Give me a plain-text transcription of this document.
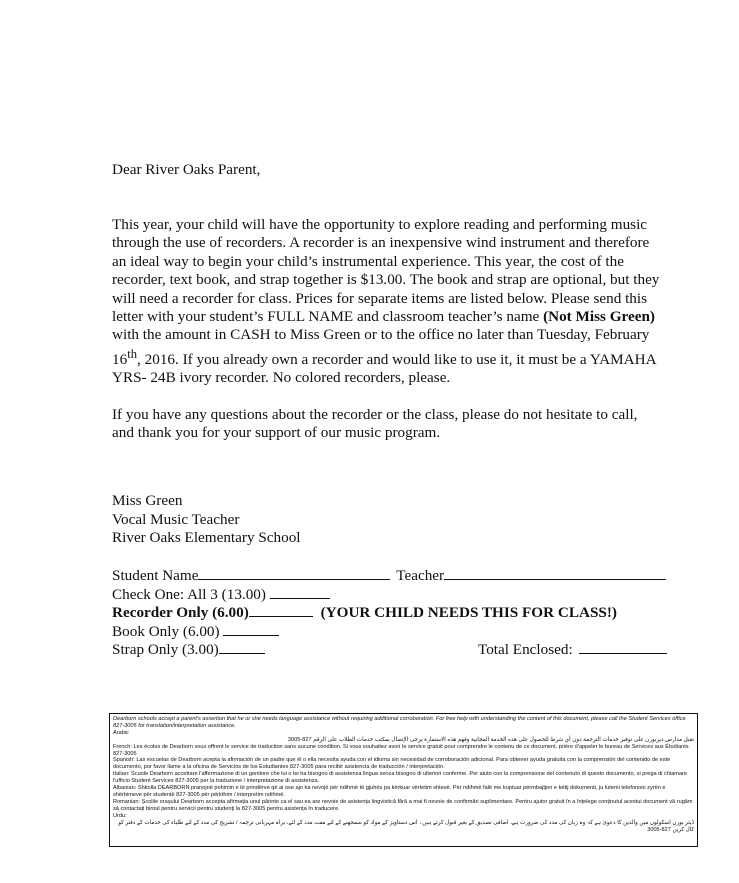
Dear River Oaks Parent,

This year, your child will have the opportunity to explore reading and performing music through the use of recorders. A recorder is an inexpensive wind instrument and therefore an ideal way to begin your child’s instrumental experience. This year, the cost of the recorder, text book, and strap together is $13.00. The book and strap are optional, but they will need a recorder for class. Prices for separate items are listed below. Please send this letter with your student’s FULL NAME and classroom teacher’s name (Not Miss Green) with the amount in CASH to Miss Green or to the office no later than Tuesday, February 16th, 2016. If you already own a recorder and would like to use it, it must be a YAMAHA YRS- 24B ivory recorder. No colored recorders, please.

If you have any questions about the recorder or the class, please do not hesitate to call, and thank you for your support of our music program.

Miss Green
Vocal Music Teacher
River Oaks Elementary School
Student Name	Teacher
Check One: All 3 (13.00)
Recorder Only (6.00)	(YOUR CHILD NEEDS THIS FOR CLASS!)
Book Only (6.00)
Strap Only (3.00)	Total Enclosed:
Dearborn schools accept a parent's assertion that he or she needs language assistance without requiring additional corroboration. For free help with understanding the content of this document, please call the Student Services office 827-3005 for translation/interpretation assistance.
Arabic
تقبل مدارس ديربورن على توفير خدمات الترجمة دون أي شرط للحصول على هذه الخدمة المجانية وفهم هذه الاستمارة يرجى الإتصال بمكتب خدمات الطلاب على الرقم 827-3005
French: Les écoles de Dearborn vous offrent le service de traduction sans aucune condition. Si vous souhaitez avoir le service gratuit pour comprendre le contenu de ce document, prière d'appeler le bureau de Services aux Étudiants 827-3005
Spanish: Las escuelas de Dearborn acepta la afirmación de un padre que él o ella necesita ayuda con el idioma sin necesidad de corroboración adicional. Para obtener ayuda gratuita con la comprensión del contenido de este documento, por favor llame a la oficina de Servicios de los Estudiantes 827-3005 para recibir asistencia de traducción / interpretación.
Italian: Scuole Dearborn accettare l'affermazione di un genitore che lui o lei ha bisogno di assistenza lingua senza bisogno di ulteriori conferme. Per aiuto con la comprensione del contenuto di questo documento, si prega di chiamare l'ufficio Student Services 827-3005 per la traduzione / interpretazione di assistenza.
Albanian: Shkolla DEARBORN pranojnë pohimin e të prindërve që ai ose ajo ka nevojë për ndihmë të gjuhës pa kërkuar vërtetim shtesë. Për ndihmë falë me kuptuar përmbajtjen e këtij dokumenti, ju lutemi telefononi zyrën e shërbimeve për studentë 827-3005 për përkthim / interpretim ndihmë.
Romanian: Școlile orașului Dearborn accepta afirmația unui părinte ca el sau ea are nevoie de asistența lingvistică fără a mai fi nevoie de confirmări suplimentare. Pentru ajutor gratuit în a înțelege conținutul acestui document vă rugăm să contactați biroul pentru servicii pentru studenți la 827-3005 pentru asistența în traducere.
Urdu:
ڈیئر بورن اسکولوں میں والدین کا دعویٰ ہے کہ وہ زبان کی مدد کی ضرورت ہے، اضافی تصدیق کے بغیر قبول کرتے ہیں۔ اس دستاویز کے مواد کو سمجھنے کے لئے مفت مدد کے لئے، براہ مہربانی ترجمہ / تشریح کی مدد کے لئے طلباء کی خدمات کے دفتر کو کال کریں 827-3005
